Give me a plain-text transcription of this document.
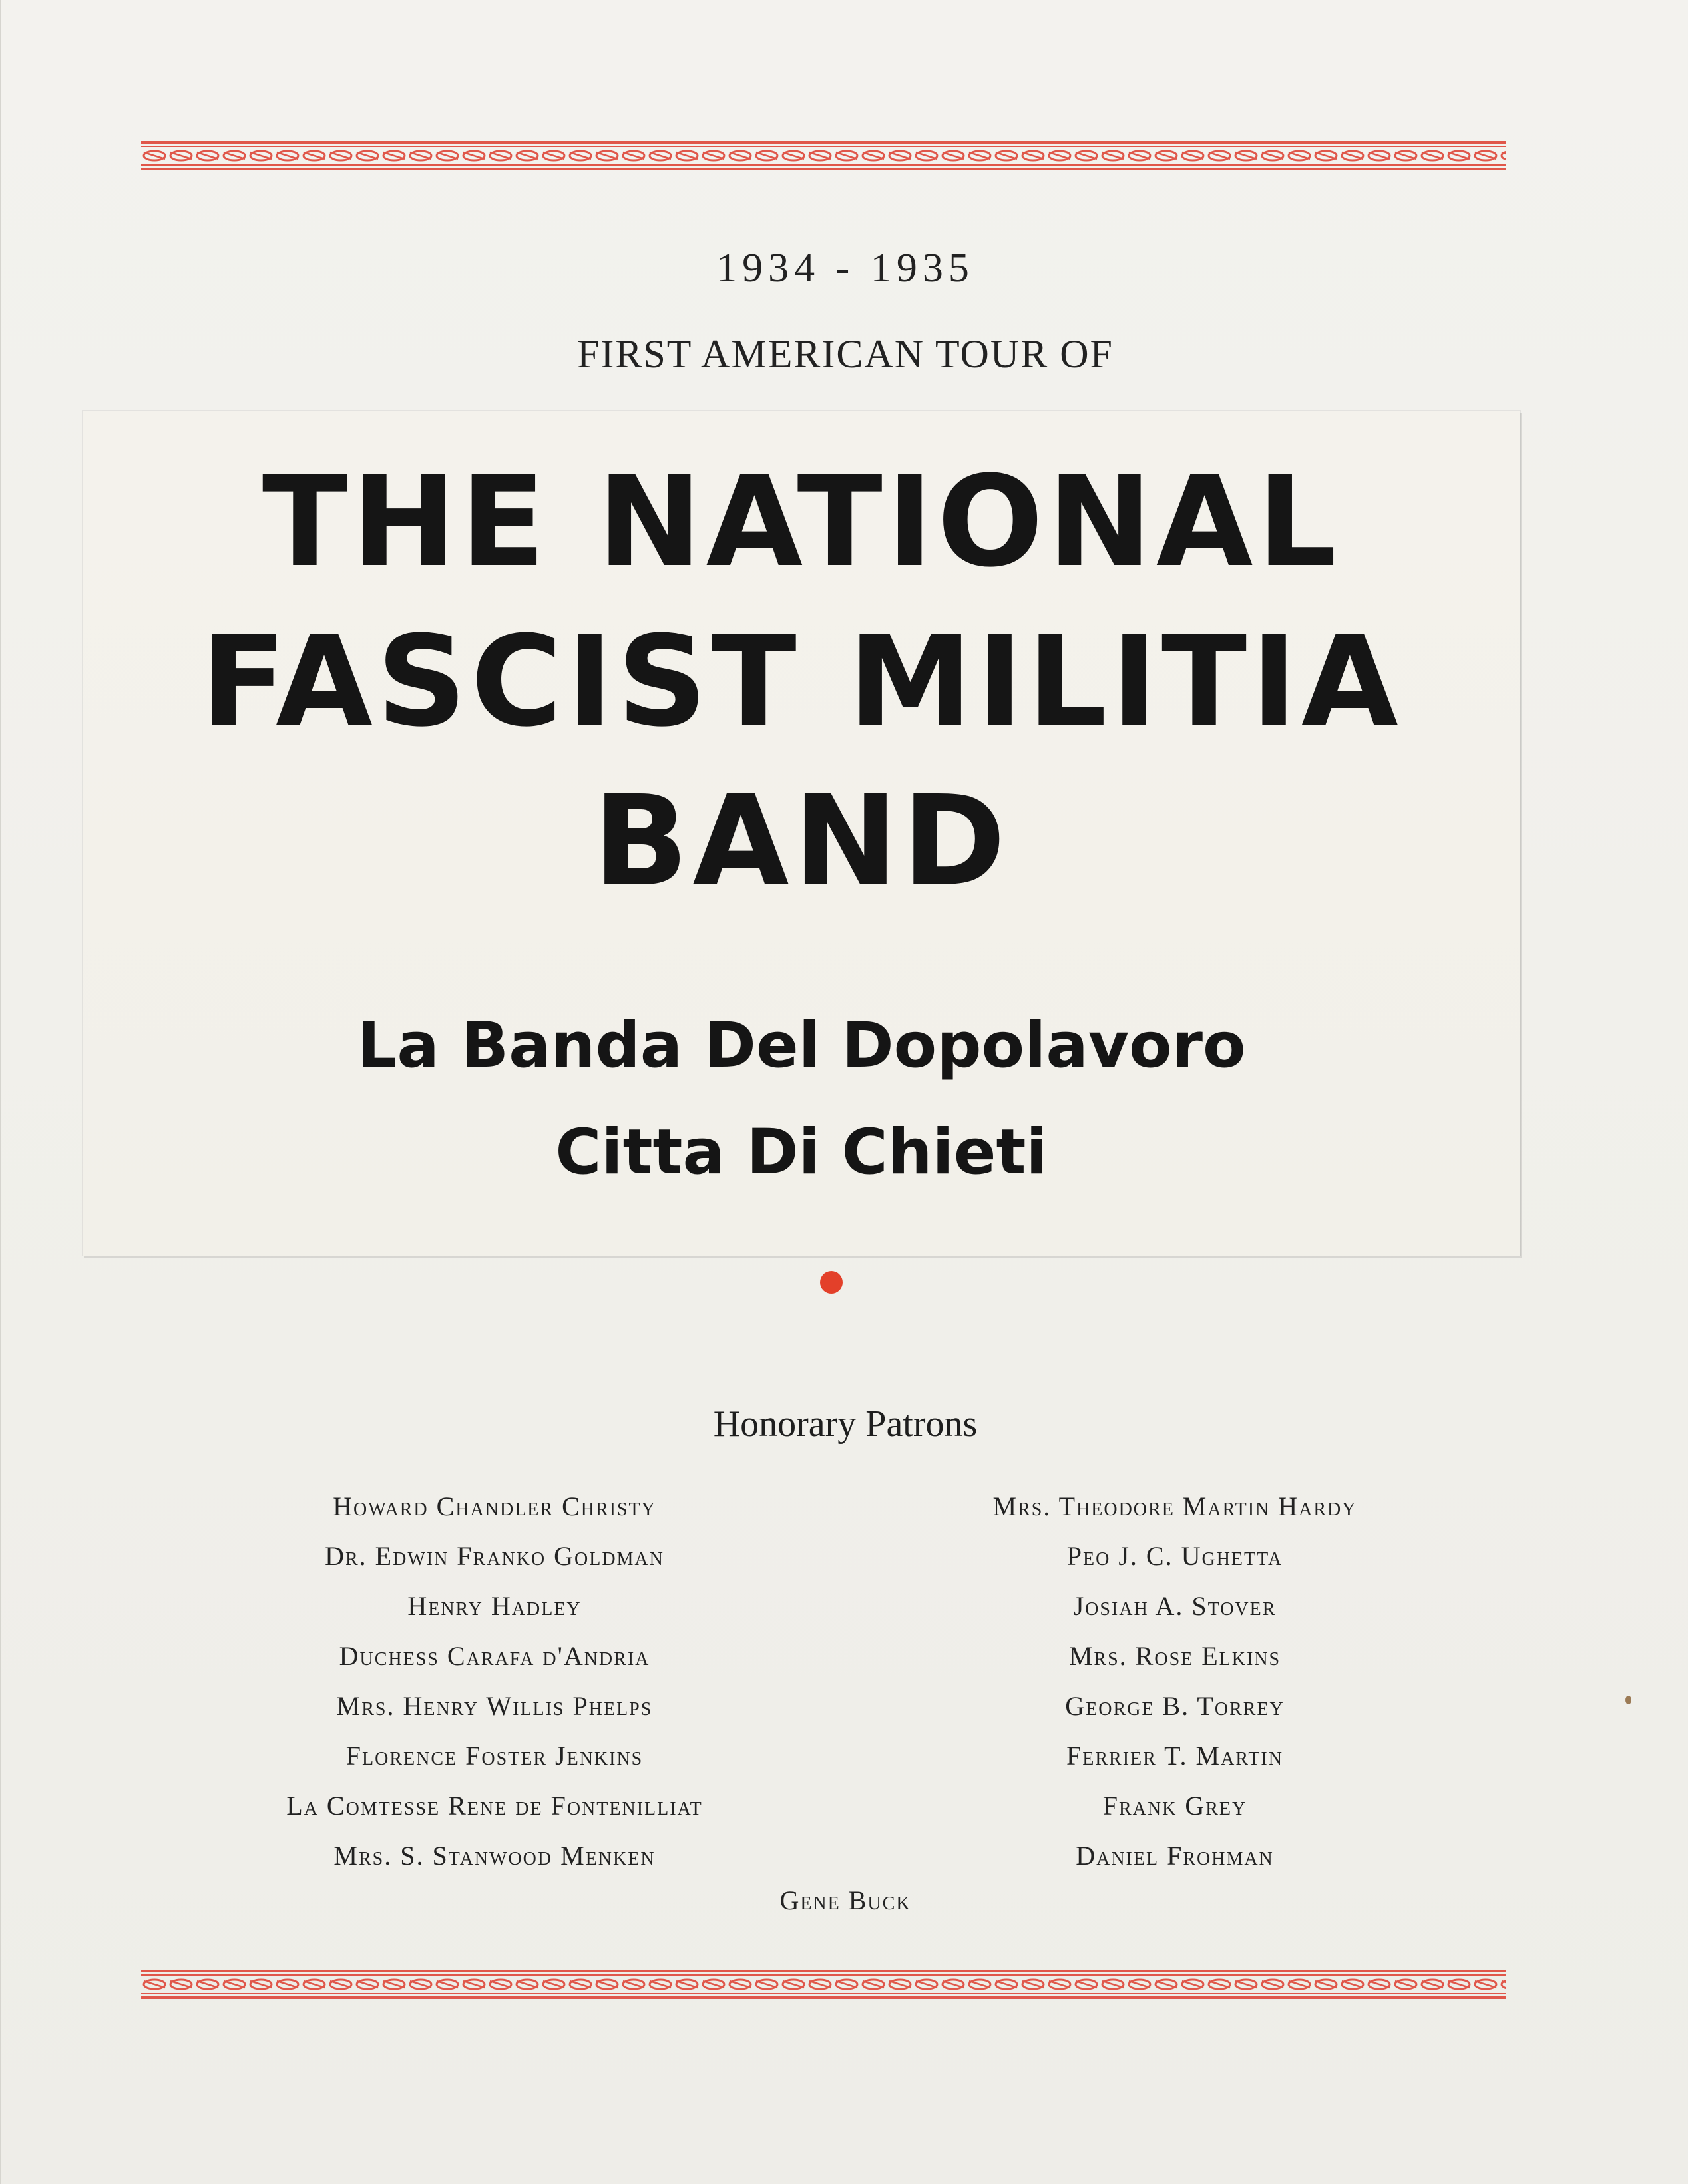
1934 - 1935
FIRST AMERICAN TOUR OF
THE NATIONAL
FASCIST MILITIA
BAND
La Banda Del Dopolavoro
Citta Di Chieti
Honorary Patrons
Howard Chandler Christy
Dr. Edwin Franko Goldman
Henry Hadley
Duchess Carafa d'Andria
Mrs. Henry Willis Phelps
Florence Foster Jenkins
La Comtesse Rene de Fontenilliat
Mrs. S. Stanwood Menken
Mrs. Theodore Martin Hardy
Peo J. C. Ughetta
Josiah A. Stover
Mrs. Rose Elkins
George B. Torrey
Ferrier T. Martin
Frank Grey
Daniel Frohman
Gene Buck
